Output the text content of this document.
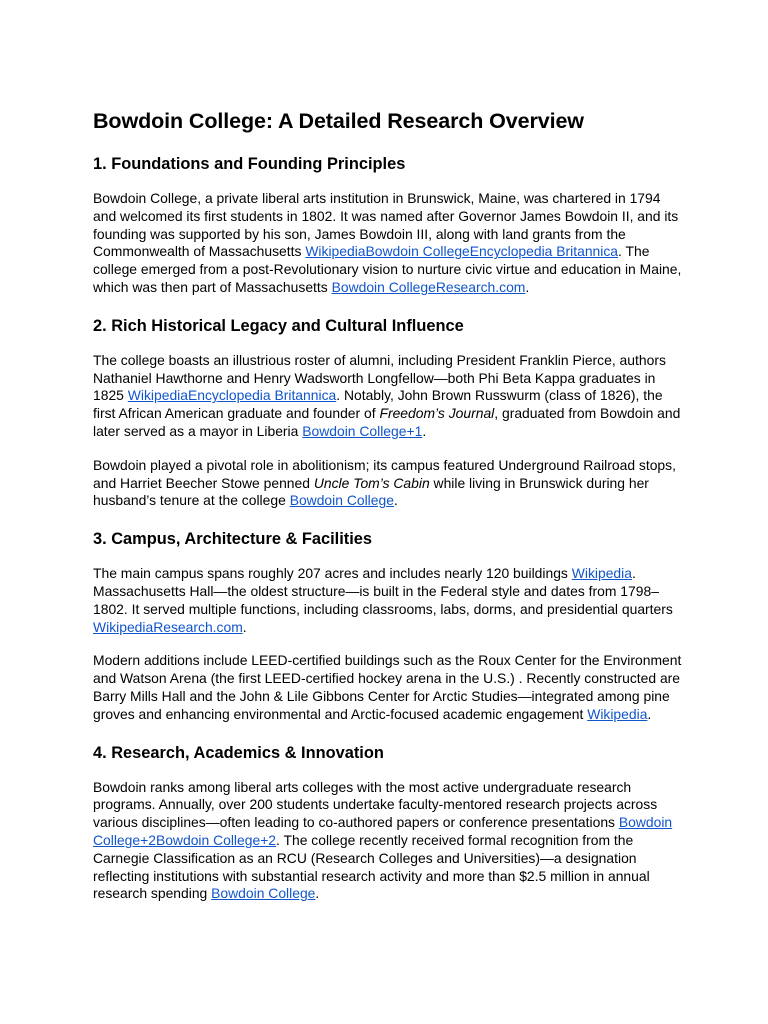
Bowdoin College: A Detailed Research Overview
1. Foundations and Founding Principles

Bowdoin College, a private liberal arts institution in Brunswick, Maine, was chartered in 1794 and welcomed its first students in 1802. It was named after Governor James Bowdoin II, and its founding was supported by his son, James Bowdoin III, along with land grants from the Commonwealth of Massachusetts WikipediaBowdoin CollegeEncyclopedia Britannica. The college emerged from a post-Revolutionary vision to nurture civic virtue and education in Maine, which was then part of Massachusetts Bowdoin CollegeResearch.com.

2. Rich Historical Legacy and Cultural Influence

The college boasts an illustrious roster of alumni, including President Franklin Pierce, authors Nathaniel Hawthorne and Henry Wadsworth Longfellow—both Phi Beta Kappa graduates in 1825 WikipediaEncyclopedia Britannica. Notably, John Brown Russwurm (class of 1826), the first African American graduate and founder of Freedom’s Journal, graduated from Bowdoin and later served as a mayor in Liberia Bowdoin College+1.

Bowdoin played a pivotal role in abolitionism; its campus featured Underground Railroad stops, and Harriet Beecher Stowe penned Uncle Tom’s Cabin while living in Brunswick during her husband’s tenure at the college Bowdoin College.

3. Campus, Architecture & Facilities

The main campus spans roughly 207 acres and includes nearly 120 buildings Wikipedia. Massachusetts Hall—the oldest structure—is built in the Federal style and dates from 1798–1802. It served multiple functions, including classrooms, labs, dorms, and presidential quarters WikipediaResearch.com.

Modern additions include LEED-certified buildings such as the Roux Center for the Environment and Watson Arena (the first LEED-certified hockey arena in the U.S.) . Recently constructed are Barry Mills Hall and the John & Lile Gibbons Center for Arctic Studies—integrated among pine groves and enhancing environmental and Arctic-focused academic engagement Wikipedia.

4. Research, Academics & Innovation

Bowdoin ranks among liberal arts colleges with the most active undergraduate research programs. Annually, over 200 students undertake faculty-mentored research projects across various disciplines—often leading to co-authored papers or conference presentations Bowdoin College+2Bowdoin College+2. The college recently received formal recognition from the Carnegie Classification as an RCU (Research Colleges and Universities)—a designation reflecting institutions with substantial research activity and more than $2.5 million in annual research spending Bowdoin College.
